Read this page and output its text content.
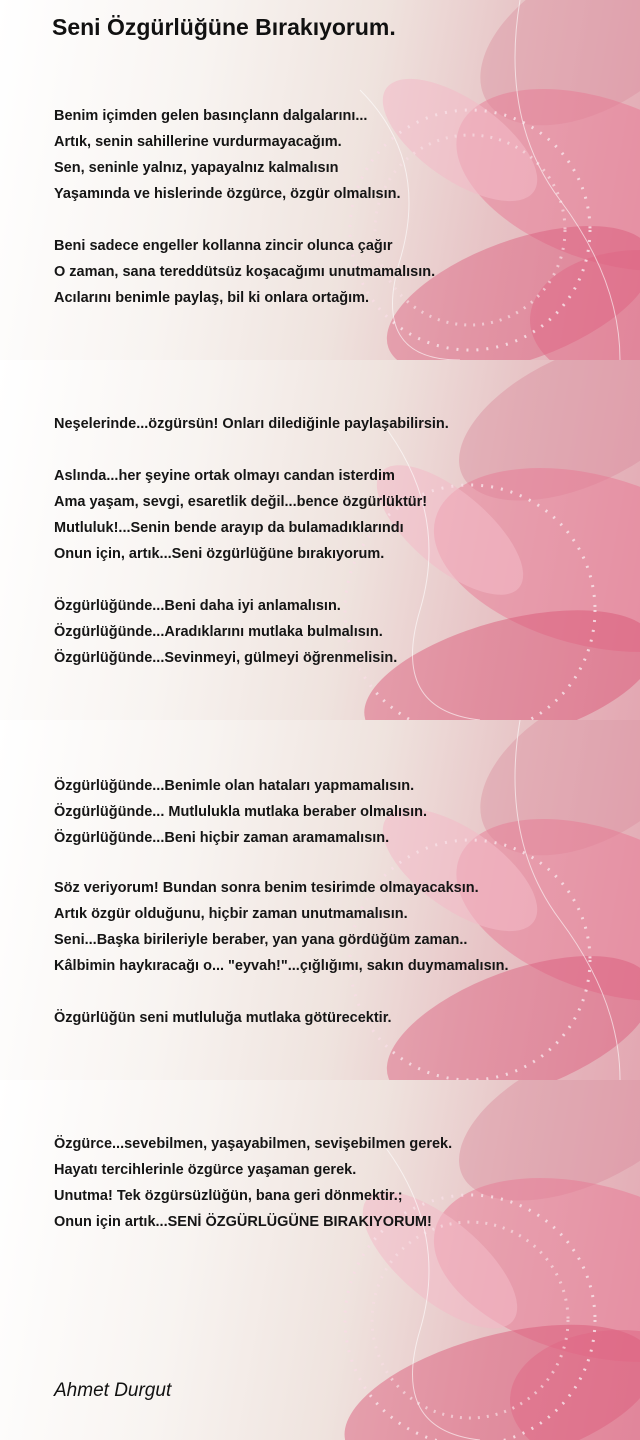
Seni Özgürlüğüne Bırakıyorum.
Benim içimden gelen basınçlann dalgalarını...
Artık, senin sahillerine vurdurmayacağım.
Sen, seninle yalnız, yapayalnız kalmalısın
Yaşamında ve hislerinde özgürce, özgür olmalısın.
Beni sadece engeller kollanna zincir olunca çağır
O zaman, sana tereddütsüz koşacağımı unutmamalısın.
Acılarını benimle paylaş, bil ki onlara ortağım.
Neşelerinde...özgürsün! Onları dilediğinle paylaşabilirsin.
Aslında...her şeyine ortak olmayı candan isterdim
Ama yaşam, sevgi, esaretlik değil...bence özgürlüktür!
Mutluluk!...Senin bende arayıp da bulamadıklarındı
Onun için, artık...Seni özgürlüğüne bırakıyorum.
Özgürlüğünde...Beni daha iyi anlamalısın.
Özgürlüğünde...Aradıklarını mutlaka bulmalısın.
Özgürlüğünde...Sevinmeyi, gülmeyi öğrenmelisin.
Özgürlüğünde...Benimle olan hataları yapmamalısın.
Özgürlüğünde... Mutlulukla mutlaka beraber olmalısın.
Özgürlüğünde...Beni hiçbir zaman aramamalısın.
Söz veriyorum! Bundan sonra benim tesirimde olmayacaksın.
Artık özgür olduğunu, hiçbir zaman unutmamalısın.
Seni...Başka birileriyle beraber, yan yana gördüğüm zaman..
Kâlbimin haykıracağı o... "eyvah!"...çığlığımı, sakın duymamalısın.
Özgürlüğün seni mutluluğa mutlaka götürecektir.
Özgürce...sevebilmen, yaşayabilmen, sevişebilmen gerek.
Hayatı tercihlerinle özgürce yaşaman gerek.
Unutma! Tek özgürsüzlüğün, bana geri dönmektir.;
Onun için artık...SENİ ÖZGÜRLÜGÜNE BIRAKIYORUM!
Ahmet Durgut
